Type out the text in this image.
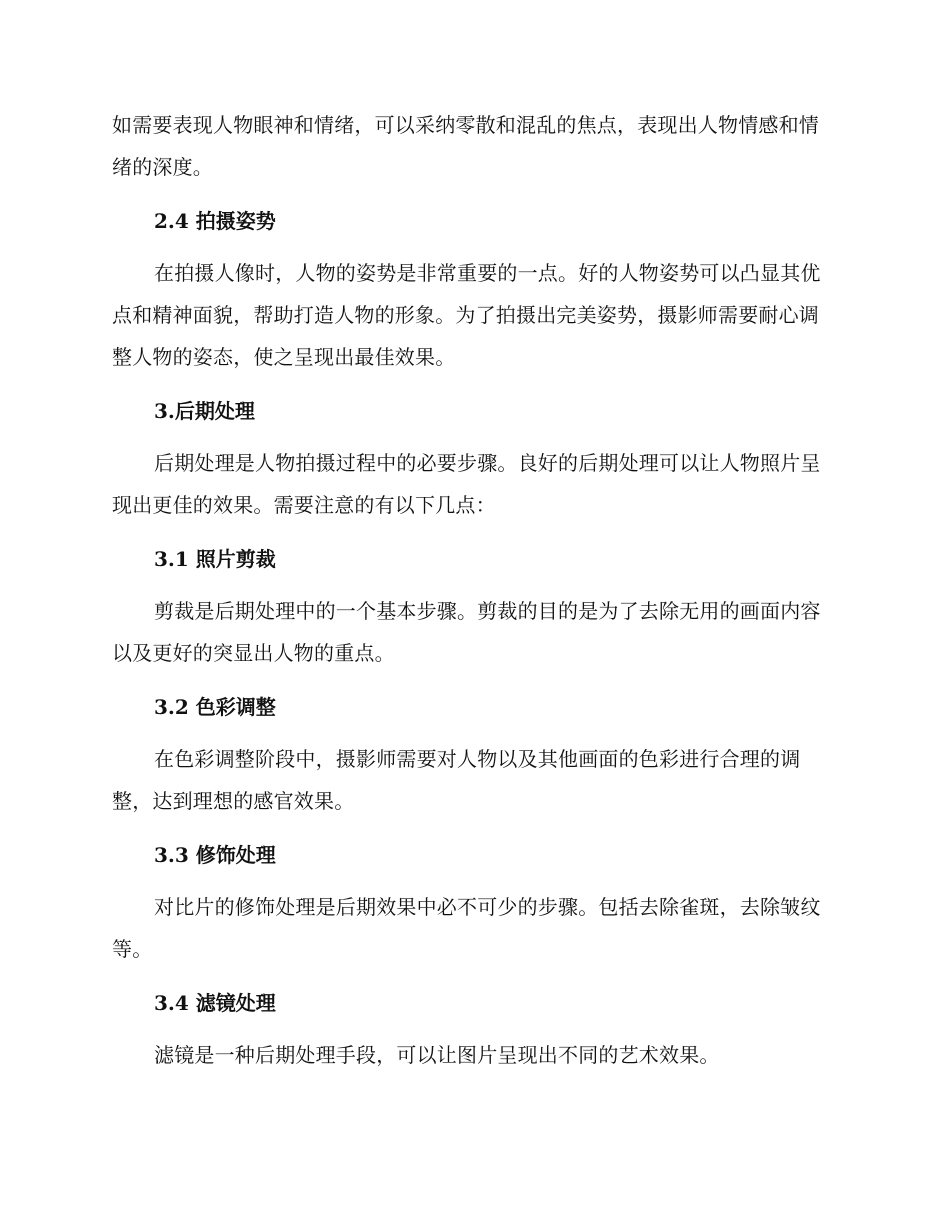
如需要表现人物眼神和情绪，可以采纳零散和混乱的焦点，表现出人物情感和情绪的深度。

2.4 拍摄姿势

在拍摄人像时，人物的姿势是非常重要的一点。好的人物姿势可以凸显其优点和精神面貌，帮助打造人物的形象。为了拍摄出完美姿势，摄影师需要耐心调整人物的姿态，使之呈现出最佳效果。

3.后期处理

后期处理是人物拍摄过程中的必要步骤。良好的后期处理可以让人物照片呈现出更佳的效果。需要注意的有以下几点：

3.1 照片剪裁

剪裁是后期处理中的一个基本步骤。剪裁的目的是为了去除无用的画面内容以及更好的突显出人物的重点。

3.2 色彩调整

在色彩调整阶段中，摄影师需要对人物以及其他画面的色彩进行合理的调整，达到理想的感官效果。

3.3 修饰处理

对比片的修饰处理是后期效果中必不可少的步骤。包括去除雀斑，去除皱纹等。

3.4 滤镜处理

滤镜是一种后期处理手段，可以让图片呈现出不同的艺术效果。
